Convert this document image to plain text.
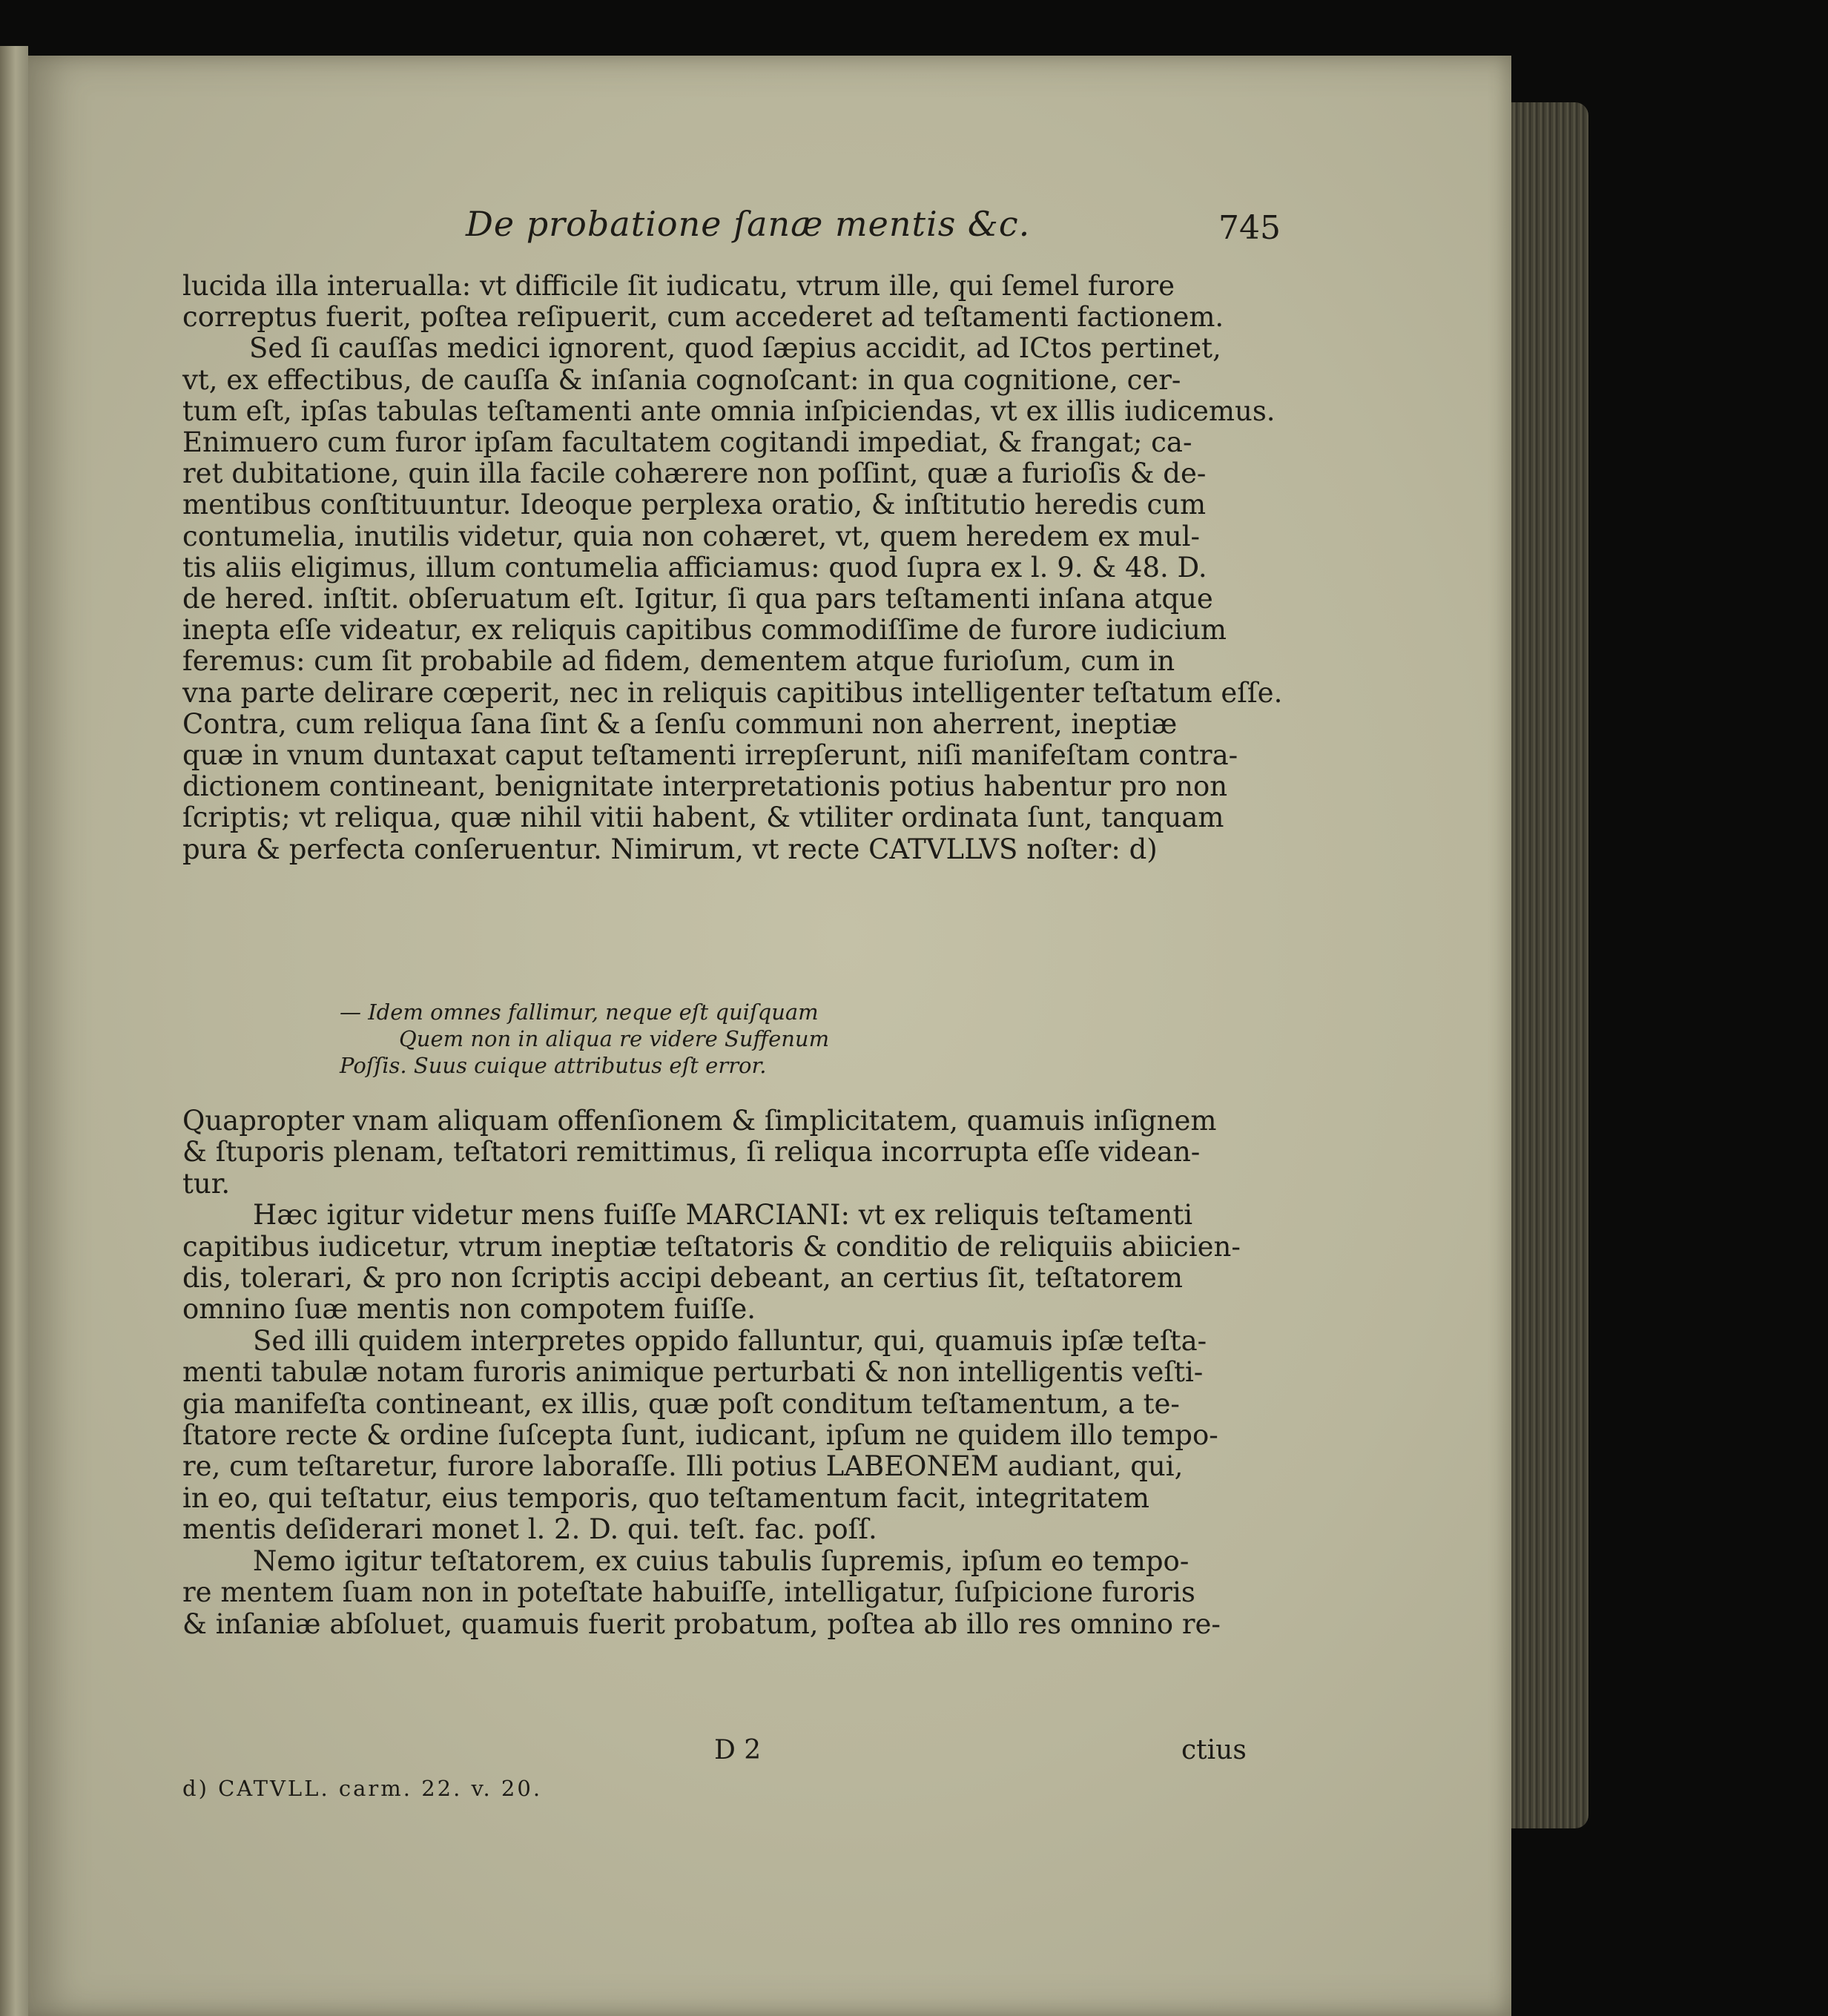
De probatione ſanæ mentis &c.	745
lucida illa interualla: vt difficile ſit iudicatu, vtrum ille, qui ſemel furore
correptus fuerit, poſtea reſipuerit, cum accederet ad teſtamenti factionem.
Sed ſi cauſſas medici ignorent, quod ſæpius accidit, ad ICtos pertinet,
vt, ex effectibus, de cauſſa & inſania cognoſcant: in qua cognitione, cer-
tum eſt, ipſas tabulas teſtamenti ante omnia inſpiciendas, vt ex illis iudicemus.
Enimuero cum furor ipſam facultatem cogitandi impediat, & frangat; ca-
ret dubitatione, quin illa facile cohærere non poſſint, quæ a furioſis & de-
mentibus conſtituuntur. Ideoque perplexa oratio, & inſtitutio heredis cum
contumelia, inutilis videtur, quia non cohæret, vt, quem heredem ex mul-
tis aliis eligimus, illum contumelia afficiamus: quod ſupra ex l. 9. & 48. D.
de hered. inſtit. obſeruatum eſt. Igitur, ſi qua pars teſtamenti inſana atque
inepta eſſe videatur, ex reliquis capitibus commodiſſime de furore iudicium
feremus: cum ſit probabile ad fidem, dementem atque furioſum, cum in
vna parte delirare cœperit, nec in reliquis capitibus intelligenter teſtatum eſſe.
Contra, cum reliqua ſana ſint & a ſenſu communi non aherrent, ineptiæ
quæ in vnum duntaxat caput teſtamenti irrepſerunt, niſi manifeſtam contra-
dictionem contineant, benignitate interpretationis potius habentur pro non
ſcriptis; vt reliqua, quæ nihil vitii habent, & vtiliter ordinata ſunt, tanquam
pura & perfecta conſeruentur. Nimirum, vt recte CATVLLVS noſter: d)
— Idem omnes fallimur, neque eſt quiſquam
Quem non in aliqua re videre Suffenum
Poſſis. Suus cuique attributus eſt error.
Quapropter vnam aliquam offenſionem & ſimplicitatem, quamuis inſignem
& ſtuporis plenam, teſtatori remittimus, ſi reliqua incorrupta eſſe videan-
tur.
Hæc igitur videtur mens fuiſſe MARCIANI: vt ex reliquis teſtamenti
capitibus iudicetur, vtrum ineptiæ teſtatoris & conditio de reliquiis abiicien-
dis, tolerari, & pro non ſcriptis accipi debeant, an certius ſit, teſtatorem
omnino ſuæ mentis non compotem fuiſſe.
Sed illi quidem interpretes oppido falluntur, qui, quamuis ipſæ teſta-
menti tabulæ notam furoris animique perturbati & non intelligentis veſti-
gia manifeſta contineant, ex illis, quæ poſt conditum teſtamentum, a te-
ſtatore recte & ordine ſuſcepta ſunt, iudicant, ipſum ne quidem illo tempo-
re, cum teſtaretur, furore laboraſſe. Illi potius LABEONEM audiant, qui,
in eo, qui teſtatur, eius temporis, quo teſtamentum facit, integritatem
mentis deſiderari monet l. 2. D. qui. teſt. fac. poſſ.
Nemo igitur teſtatorem, ex cuius tabulis ſupremis, ipſum eo tempo-
re mentem ſuam non in poteſtate habuiſſe, intelligatur, ſuſpicione furoris
& inſaniæ abſoluet, quamuis fuerit probatum, poſtea ab illo res omnino re-
D 2	ctius
d) CATVLL. carm. 22. v. 20.
